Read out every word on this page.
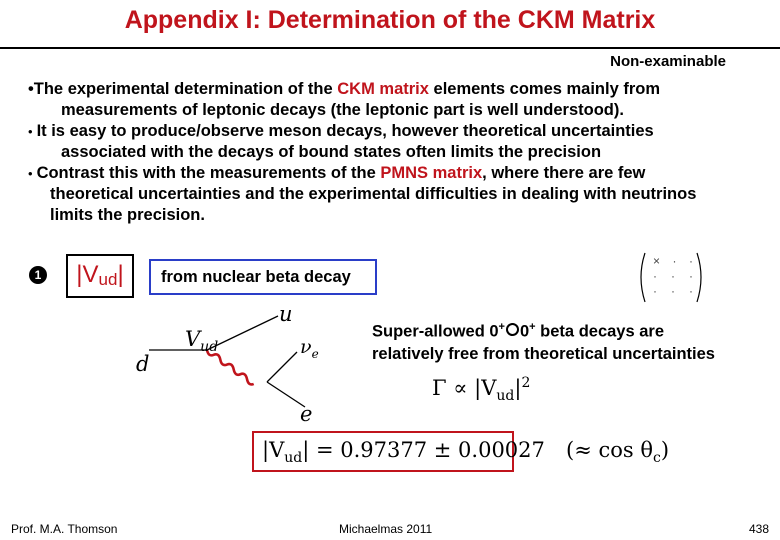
Appendix I: Determination of the CKM Matrix
Non-examinable
•The experimental determination of the CKM matrix elements comes mainly from
measurements of leptonic decays (the leptonic part is well understood).
• It is easy to produce/observe meson decays, however theoretical uncertainties
associated with the decays of bound states often limits the precision
• Contrast this with the measurements of the PMNS matrix, where there are few
theoretical uncertainties and the experimental difficulties in dealing with neutrinos
limits the precision.
1	$|V_{ud}|$	from nuclear beta decay
× · ·
· · ·
· · ·
$V_{ud}$
d
u
$\nu_e$
e
Super-allowed 0+ 0+ beta decays are
relatively free from theoretical uncertainties
$\Gamma \propto |V_{ud}|^2$
$|V_{ud}| = 0.97377 \pm 0.00027$ (≈ $\cos \theta_c$)
Prof. M.A. Thomson	Michaelmas 2011	438
